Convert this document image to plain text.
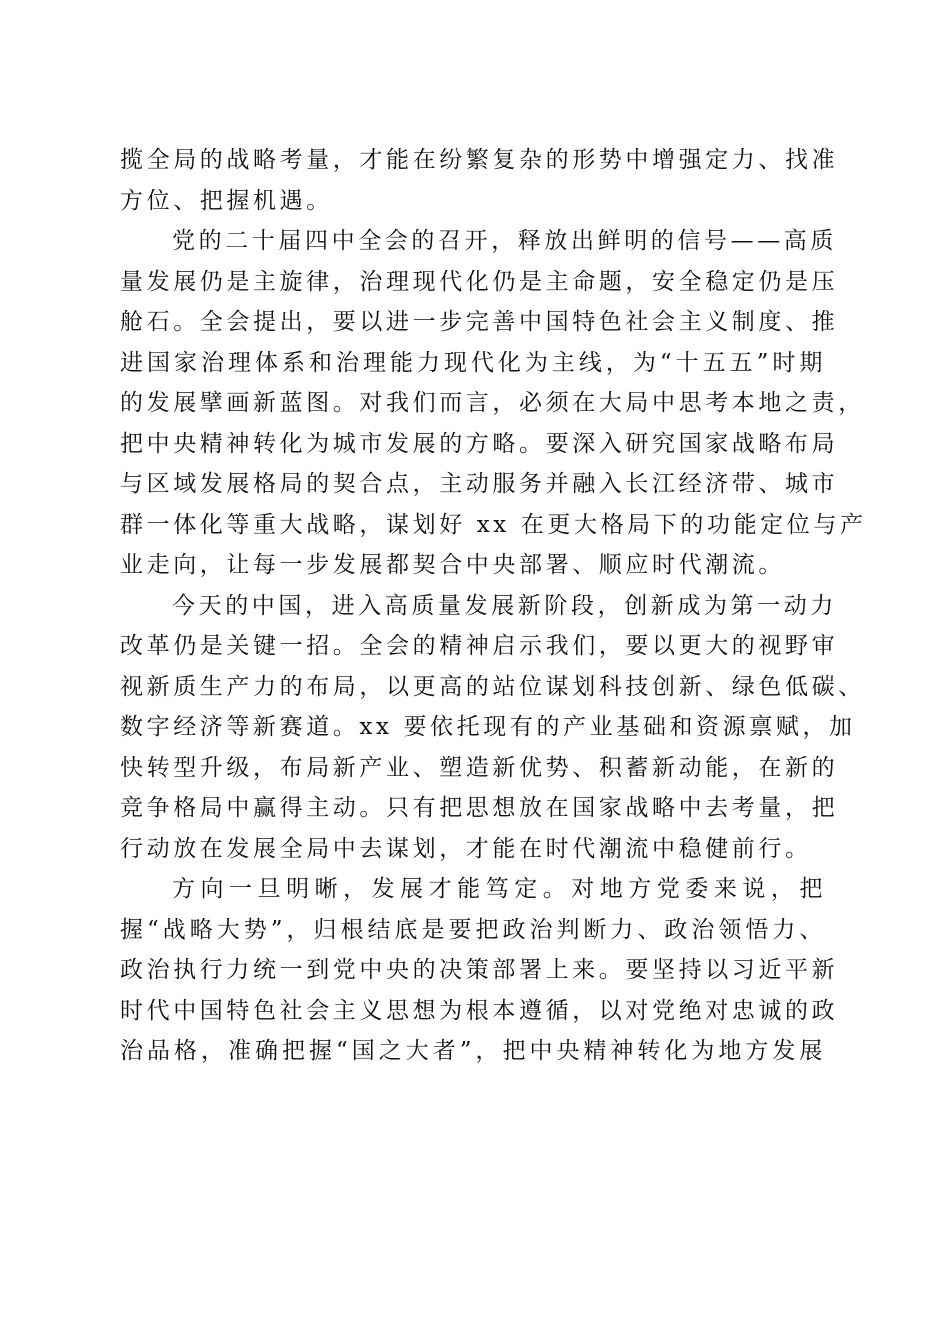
揽全局的战略考量，才能在纷繁复杂的形势中增强定力、找准
方位、把握机遇。
党的二十届四中全会的召开，释放出鲜明的信号——高质
量发展仍是主旋律，治理现代化仍是主命题，安全稳定仍是压
舱石。全会提出，要以进一步完善中国特色社会主义制度、推
进国家治理体系和治理能力现代化为主线，为“十五五”时期
的发展擘画新蓝图。对我们而言，必须在大局中思考本地之责，
把中央精神转化为城市发展的方略。要深入研究国家战略布局
与区域发展格局的契合点，主动服务并融入长江经济带、城市
群一体化等重大战略，谋划好 xx 在更大格局下的功能定位与产
业走向，让每一步发展都契合中央部署、顺应时代潮流。
今天的中国，进入高质量发展新阶段，创新成为第一动力
改革仍是关键一招。全会的精神启示我们，要以更大的视野审
视新质生产力的布局，以更高的站位谋划科技创新、绿色低碳、
数字经济等新赛道。xx 要依托现有的产业基础和资源禀赋，加
快转型升级，布局新产业、塑造新优势、积蓄新动能，在新的
竞争格局中赢得主动。只有把思想放在国家战略中去考量，把
行动放在发展全局中去谋划，才能在时代潮流中稳健前行。
方向一旦明晰，发展才能笃定。对地方党委来说，把
握“战略大势”，归根结底是要把政治判断力、政治领悟力、
政治执行力统一到党中央的决策部署上来。要坚持以习近平新
时代中国特色社会主义思想为根本遵循，以对党绝对忠诚的政
治品格，准确把握“国之大者”，把中央精神转化为地方发展
